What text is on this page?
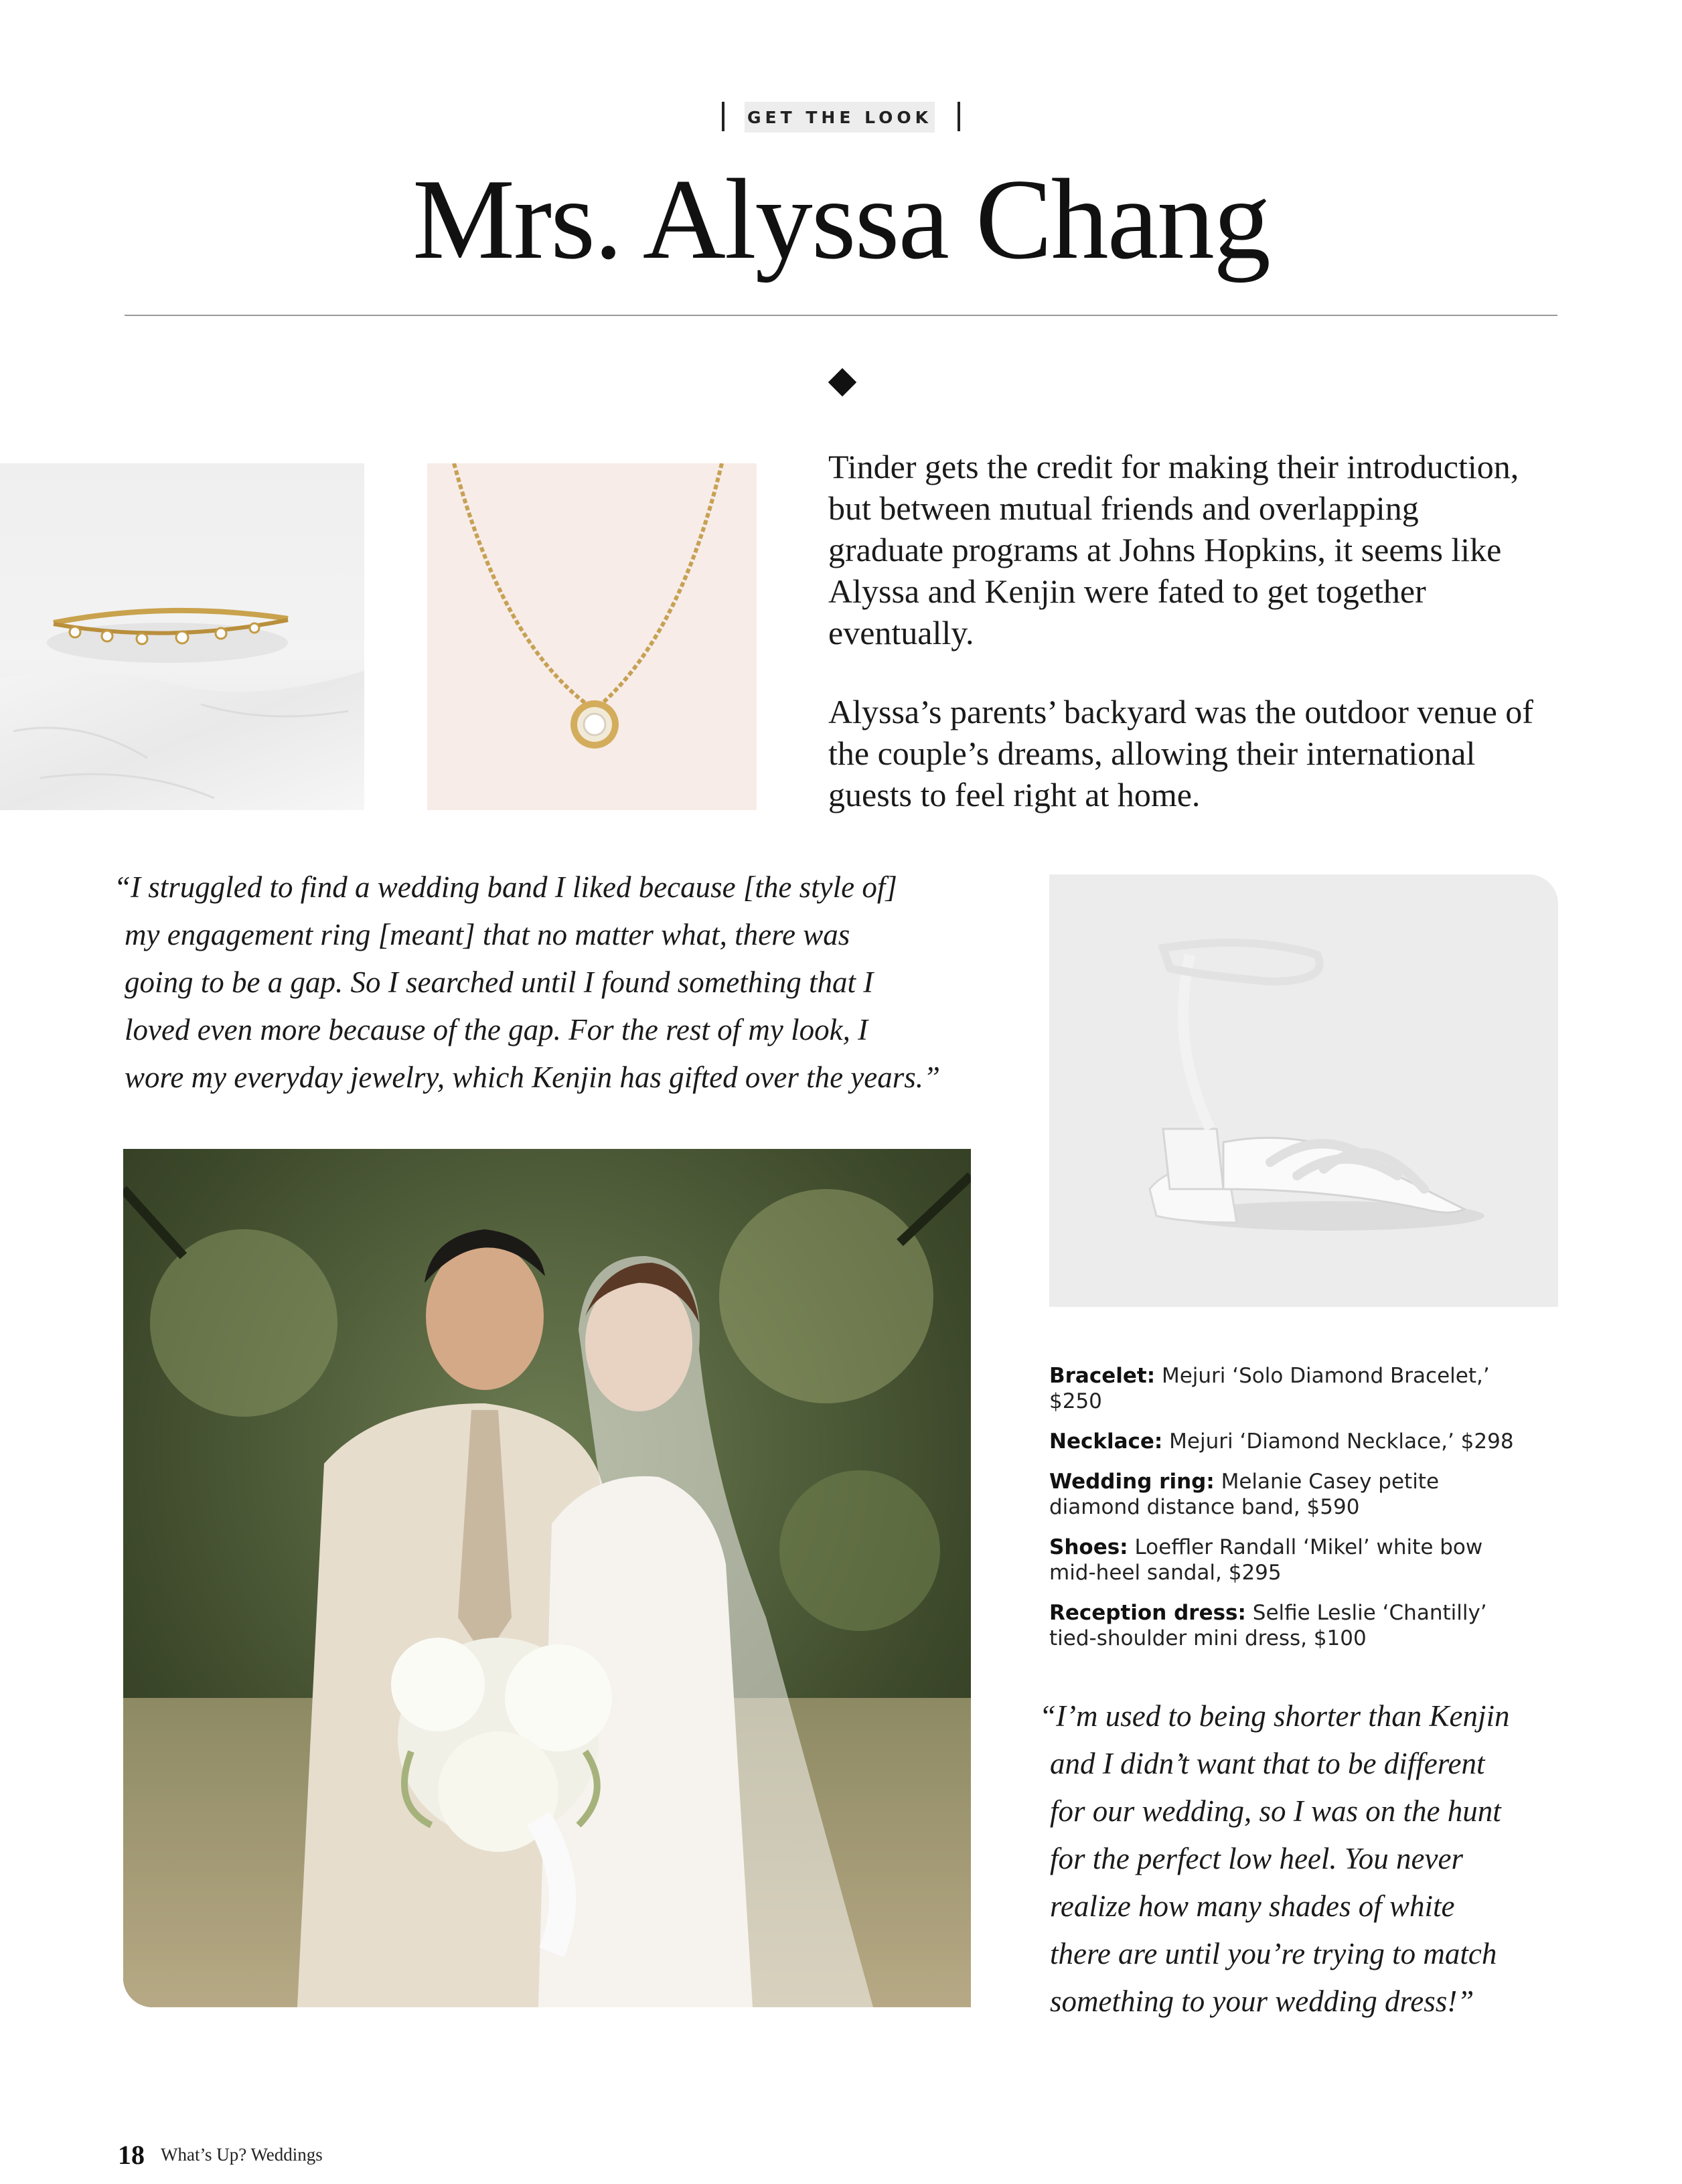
GET THE LOOK
Mrs. Alyssa Chang

Tinder gets the credit for making their introduction, but between mutual friends and overlapping graduate programs at Johns Hopkins, it seems like Alyssa and Kenjin were fated to get together eventually.

Alyssa’s parents’ backyard was the outdoor venue of the couple’s dreams, allowing their international guests to feel right at home.

“I struggled to find a wedding band I liked because [the style of]

my engagement ring [meant] that no matter what, there was

going to be a gap. So I searched until I found something that I

loved even more because of the gap. For the rest of my look, I

wore my everyday jewelry, which Kenjin has gifted over the years.”

Bracelet: Mejuri ‘Solo Diamond Bracelet,’ $250
Necklace: Mejuri ‘Diamond Necklace,’ $298
Wedding ring: Melanie Casey petite diamond distance band, $590
Shoes: Loeffler Randall ‘Mikel’ white bow mid-heel sandal, $295
Reception dress: Selfie Leslie ‘Chantilly’ tied-shoulder mini dress, $100

“I’m used to being shorter than Kenjin

and I didn’t want that to be different

for our wedding, so I was on the hunt

for the perfect low heel. You never

realize how many shades of white

there are until you’re trying to match

something to your wedding dress!”

18 What’s Up? Weddings
